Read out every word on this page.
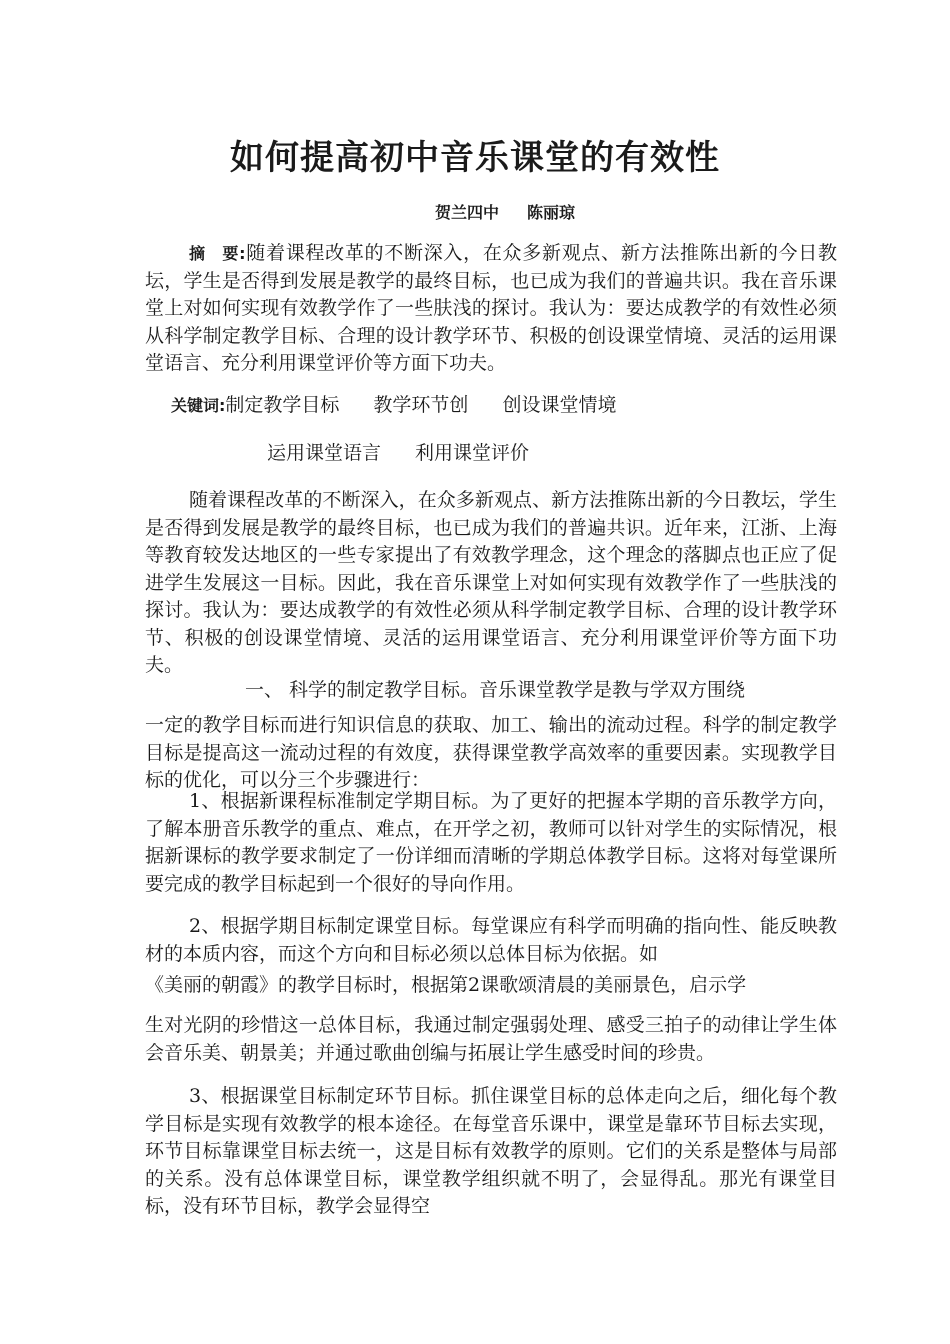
如何提高初中音乐课堂的有效性
贺兰四中 陈丽琼

摘　要:随着课程改革的不断深入，在众多新观点、新方法推陈出新的今日教坛，学生是否得到发展是教学的最终目标，也已成为我们的普遍共识。我在音乐课堂上对如何实现有效教学作了一些肤浅的探讨。我认为：要达成教学的有效性必须从科学制定教学目标、合理的设计教学环节、积极的创设课堂情境、灵活的运用课堂语言、充分利用课堂评价等方面下功夫。

关键词:制定教学目标 教学环节创 创设课堂情境

运用课堂语言 利用课堂评价

随着课程改革的不断深入，在众多新观点、新方法推陈出新的今日教坛，学生是否得到发展是教学的最终目标，也已成为我们的普遍共识。近年来，江浙、上海等教育较发达地区的一些专家提出了有效教学理念，这个理念的落脚点也正应了促进学生发展这一目标。因此，我在音乐课堂上对如何实现有效教学作了一些肤浅的探讨。我认为：要达成教学的有效性必须从科学制定教学目标、合理的设计教学环节、积极的创设课堂情境、灵活的运用课堂语言、充分利用课堂评价等方面下功夫。

一、 科学的制定教学目标。音乐课堂教学是教与学双方围绕

一定的教学目标而进行知识信息的获取、加工、输出的流动过程。科学的制定教学目标是提高这一流动过程的有效度，获得课堂教学高效率的重要因素。实现教学目标的优化，可以分三个步骤进行：

1、根据新课程标准制定学期目标。为了更好的把握本学期的音乐教学方向，了解本册音乐教学的重点、难点，在开学之初，教师可以针对学生的实际情况，根据新课标的教学要求制定了一份详细而清晰的学期总体教学目标。这将对每堂课所要完成的教学目标起到一个很好的导向作用。

2、根据学期目标制定课堂目标。每堂课应有科学而明确的指向性、能反映教材的本质内容，而这个方向和目标必须以总体目标为依据。如

《美丽的朝霞》的教学目标时，根据第2课歌颂清晨的美丽景色，启示学

生对光阴的珍惜这一总体目标，我通过制定强弱处理、感受三拍子的动律让学生体会音乐美、朝景美；并通过歌曲创编与拓展让学生感受时间的珍贵。

3、根据课堂目标制定环节目标。抓住课堂目标的总体走向之后，细化每个教学目标是实现有效教学的根本途径。在每堂音乐课中，课堂是靠环节目标去实现，环节目标靠课堂目标去统一，这是目标有效教学的原则。它们的关系是整体与局部的关系。没有总体课堂目标，课堂教学组织就不明了，会显得乱。那光有课堂目标，没有环节目标，教学会显得空
